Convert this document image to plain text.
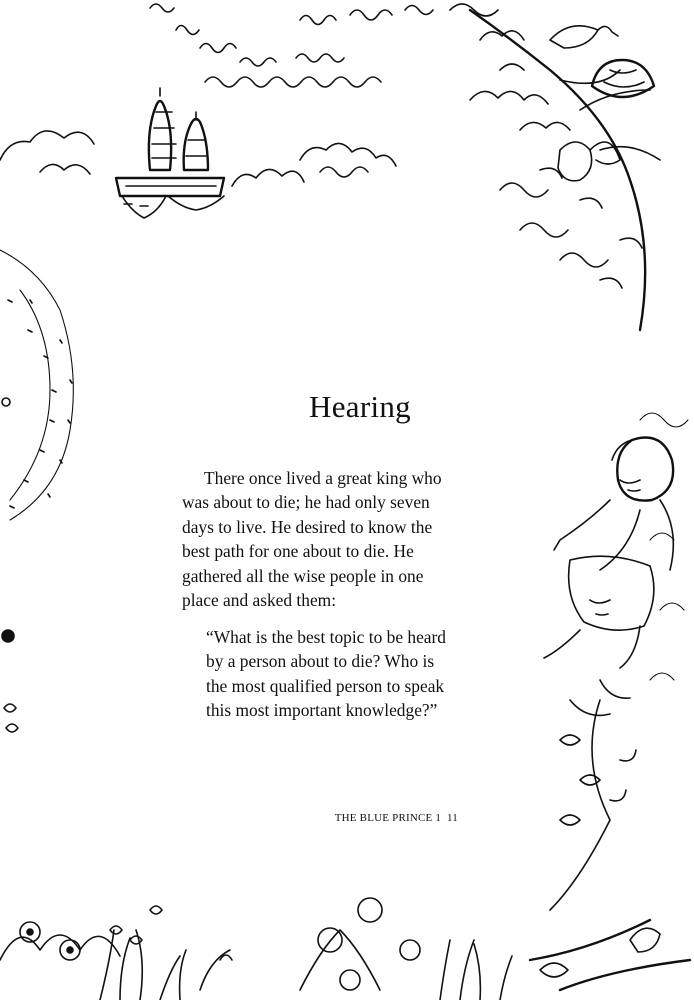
Hearing

There once lived a great king who was about to die; he had only seven days to live. He desired to know the best path for one about to die. He gathered all the wise people in one place and asked them:

“What is the best topic to be heard by a person about to die? Who is the most qualified person to speak this most important knowledge?”

THE BLUE PRINCE 1 11
